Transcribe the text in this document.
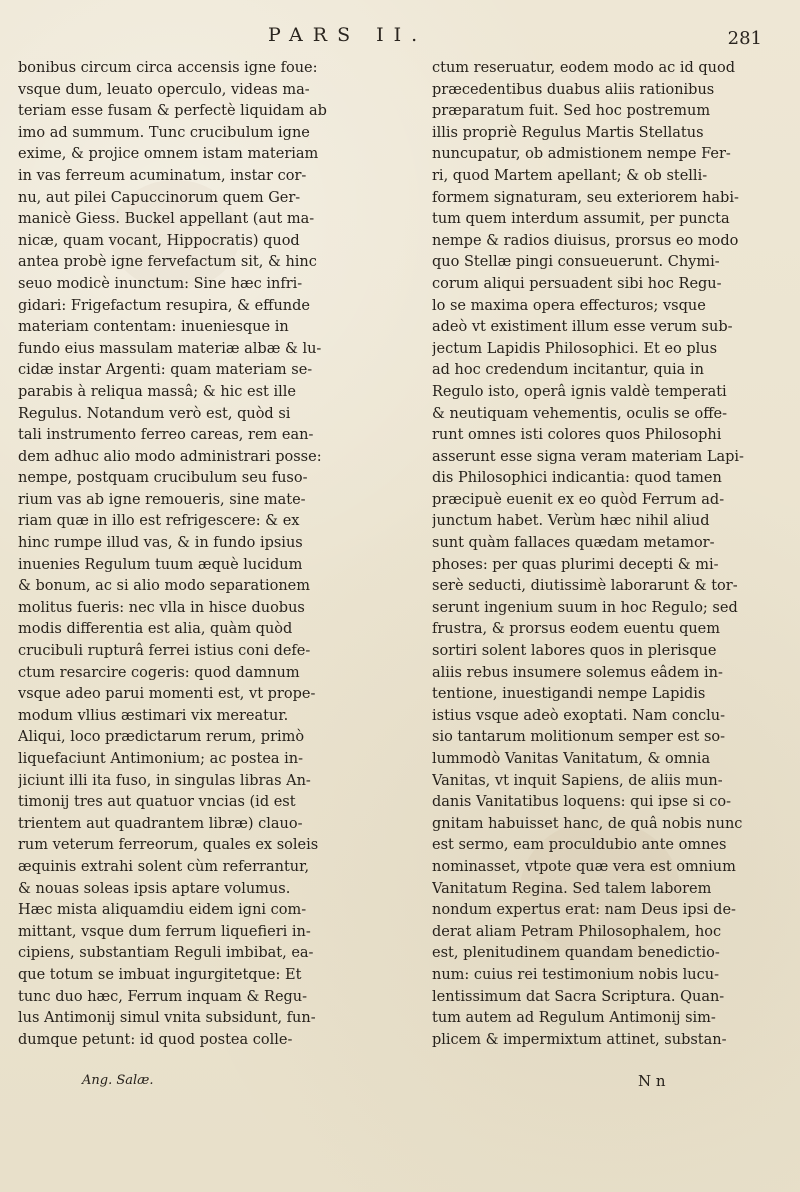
PARS II.	281
bonibus circum circa accensis igne foue:
vsque dum, leuato operculo, videas ma-
teriam esse fusam & perfectè liquidam ab
imo ad summum. Tunc crucibulum igne
exime, & projice omnem istam materiam
in vas ferreum acuminatum, instar cor-
nu, aut pilei Capuccinorum quem Ger-
manicè Giess. Buckel appellant (aut ma-
nicæ, quam vocant, Hippocratis) quod
antea probè igne fervefactum sit, & hinc
seuo modicè inunctum: Sine hæc infri-
gidari: Frigefactum resupira, & effunde
materiam contentam: inueniesque in
fundo eius massulam materiæ albæ & lu-
cidæ instar Argenti: quam materiam se-
parabis à reliqua massâ; & hic est ille
Regulus. Notandum verò est, quòd si
tali instrumento ferreo careas, rem ean-
dem adhuc alio modo administrari posse:
nempe, postquam crucibulum seu fuso-
rium vas ab igne remoueris, sine mate-
riam quæ in illo est refrigescere: & ex
hinc rumpe illud vas, & in fundo ipsius
inuenies Regulum tuum æquè lucidum
& bonum, ac si alio modo separationem
molitus fueris: nec vlla in hisce duobus
modis differentia est alia, quàm quòd
crucibuli rupturâ ferrei istius coni defe-
ctum resarcire cogeris: quod damnum
vsque adeo parui momenti est, vt prope-
modum vllius æstimari vix mereatur.
Aliqui, loco prædictarum rerum, primò
liquefaciunt Antimonium; ac postea in-
jiciunt illi ita fuso, in singulas libras An-
timonij tres aut quatuor vncias (id est
trientem aut quadrantem libræ) clauo-
rum veterum ferreorum, quales ex soleis
æquinis extrahi solent cùm referrantur,
& nouas soleas ipsis aptare volumus.
Hæc mista aliquamdiu eidem igni com-
mittant, vsque dum ferrum liquefieri in-
cipiens, substantiam Reguli imbibat, ea-
que totum se imbuat ingurgitetque: Et
tunc duo hæc, Ferrum inquam & Regu-
lus Antimonij simul vnita subsidunt, fun-
dumque petunt: id quod postea colle-
ctum reseruatur, eodem modo ac id quod
præcedentibus duabus aliis rationibus
præparatum fuit. Sed hoc postremum
illis propriè Regulus Martis Stellatus
nuncupatur, ob admistionem nempe Fer-
ri, quod Martem apellant; & ob stelli-
formem signaturam, seu exteriorem habi-
tum quem interdum assumit, per puncta
nempe & radios diuisus, prorsus eo modo
quo Stellæ pingi consueuerunt. Chymi-
corum aliqui persuadent sibi hoc Regu-
lo se maxima opera effecturos; vsque
adeò vt existiment illum esse verum sub-
jectum Lapidis Philosophici. Et eo plus
ad hoc credendum incitantur, quia in
Regulo isto, operâ ignis valdè temperati
& neutiquam vehementis, oculis se offe-
runt omnes isti colores quos Philosophi
asserunt esse signa veram materiam Lapi-
dis Philosophici indicantia: quod tamen
præcipuè euenit ex eo quòd Ferrum ad-
junctum habet. Verùm hæc nihil aliud
sunt quàm fallaces quædam metamor-
phoses: per quas plurimi decepti & mi-
serè seducti, diutissimè laborarunt & tor-
serunt ingenium suum in hoc Regulo; sed
frustra, & prorsus eodem euentu quem
sortiri solent labores quos in plerisque
aliis rebus insumere solemus eâdem in-
tentione, inuestigandi nempe Lapidis
istius vsque adeò exoptati. Nam conclu-
sio tantarum molitionum semper est so-
lummodò Vanitas Vanitatum, & omnia
Vanitas, vt inquit Sapiens, de aliis mun-
danis Vanitatibus loquens: qui ipse si co-
gnitam habuisset hanc, de quâ nobis nunc
est sermo, eam proculdubio ante omnes
nominasset, vtpote quæ vera est omnium
Vanitatum Regina. Sed talem laborem
nondum expertus erat: nam Deus ipsi de-
derat aliam Petram Philosophalem, hoc
est, plenitudinem quandam benedictio-
num: cuius rei testimonium nobis lucu-
lentissimum dat Sacra Scriptura. Quan-
tum autem ad Regulum Antimonij sim-
plicem & impermixtum attinet, substan-
Ang. Salæ.	N n
